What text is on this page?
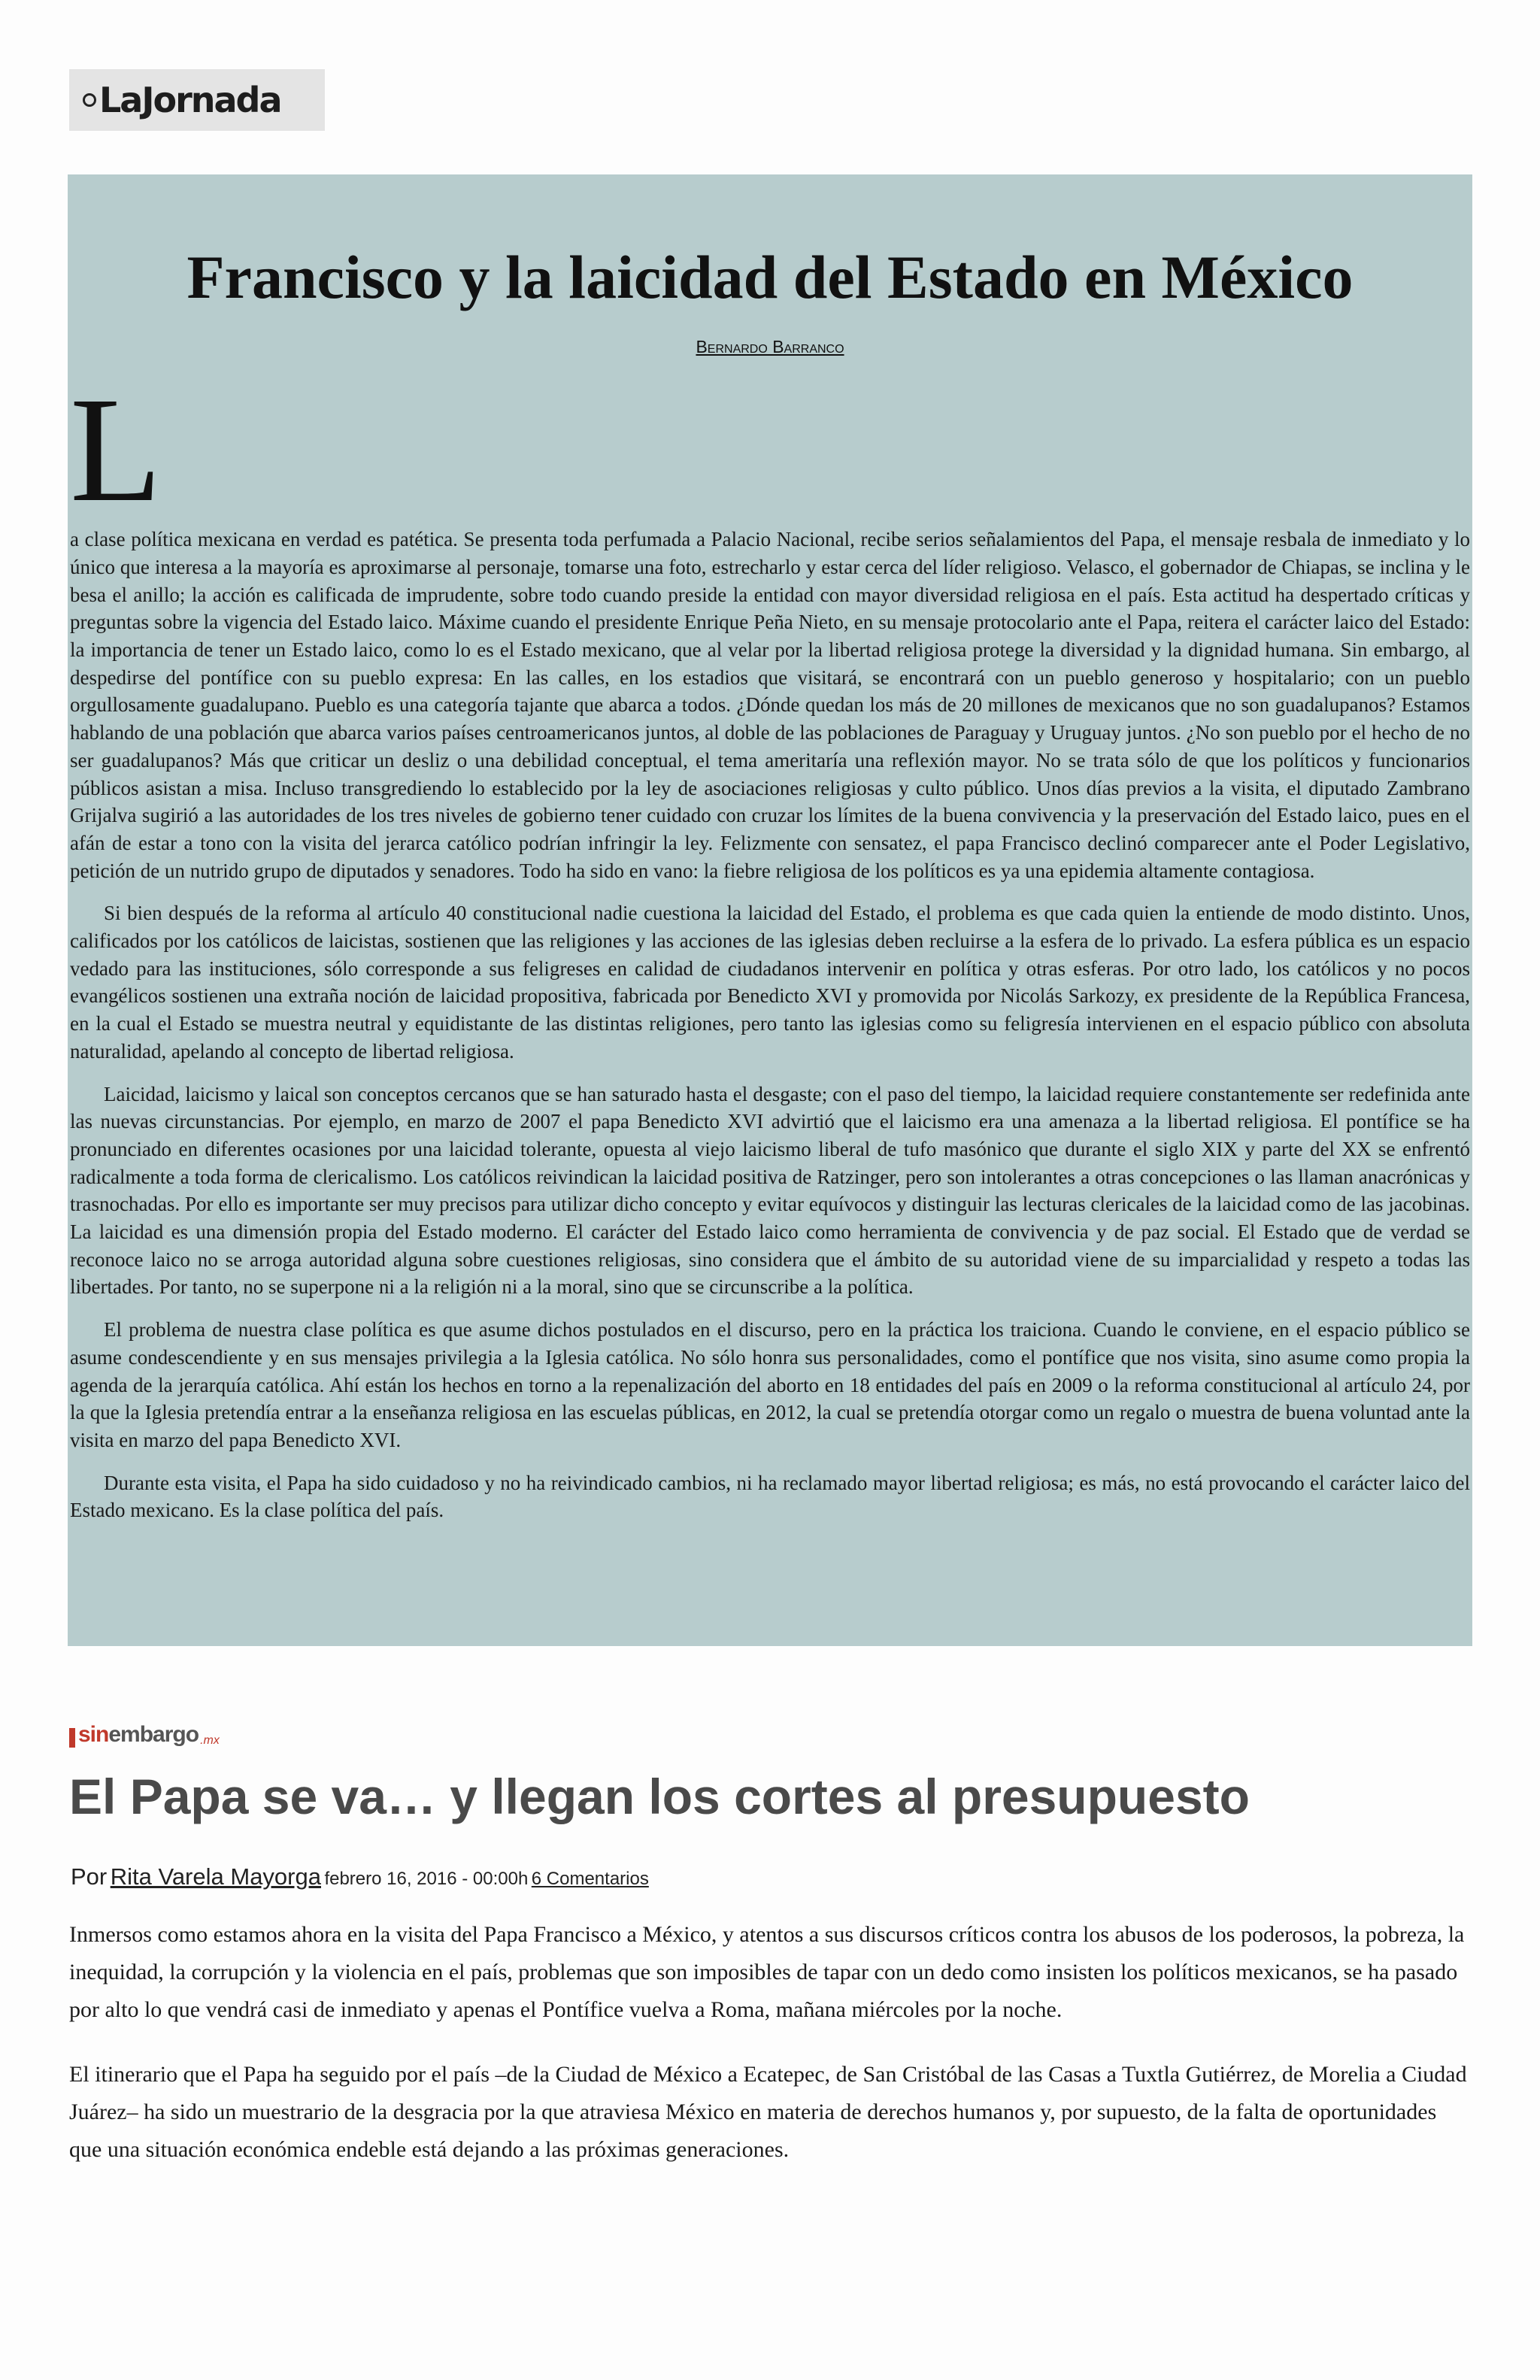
LaJornada
Francisco y la laicidad del Estado en México
Bernardo Barranco
L

a clase política mexicana en verdad es patética. Se presenta toda perfumada a Palacio Nacional, recibe serios señalamientos del Papa, el mensaje resbala de inmediato y lo único que interesa a la mayoría es aproximarse al personaje, tomarse una foto, estrecharlo y estar cerca del líder religioso. Velasco, el gobernador de Chiapas, se inclina y le besa el anillo; la acción es calificada de imprudente, sobre todo cuando preside la entidad con mayor diversidad religiosa en el país. Esta actitud ha despertado críticas y preguntas sobre la vigencia del Estado laico. Máxime cuando el presidente Enrique Peña Nieto, en su mensaje protocolario ante el Papa, reitera el carácter laico del Estado: la importancia de tener un Estado laico, como lo es el Estado mexicano, que al velar por la libertad religiosa protege la diversidad y la dignidad humana. Sin embargo, al despedirse del pontífice con su pueblo expresa: En las calles, en los estadios que visitará, se encontrará con un pueblo generoso y hospitalario; con un pueblo orgullosamente guadalupano. Pueblo es una categoría tajante que abarca a todos. ¿Dónde quedan los más de 20 millones de mexicanos que no son guadalupanos? Estamos hablando de una población que abarca varios países centroamericanos juntos, al doble de las poblaciones de Paraguay y Uruguay juntos. ¿No son pueblo por el hecho de no ser guadalupanos? Más que criticar un desliz o una debilidad conceptual, el tema ameritaría una reflexión mayor. No se trata sólo de que los políticos y funcionarios públicos asistan a misa. Incluso transgrediendo lo establecido por la ley de asociaciones religiosas y culto público. Unos días previos a la visita, el diputado Zambrano Grijalva sugirió a las autoridades de los tres niveles de gobierno tener cuidado con cruzar los límites de la buena convivencia y la preservación del Estado laico, pues en el afán de estar a tono con la visita del jerarca católico podrían infringir la ley. Felizmente con sensatez, el papa Francisco declinó comparecer ante el Poder Legislativo, petición de un nutrido grupo de diputados y senadores. Todo ha sido en vano: la fiebre religiosa de los políticos es ya una epidemia altamente contagiosa.

Si bien después de la reforma al artículo 40 constitucional nadie cuestiona la laicidad del Estado, el problema es que cada quien la entiende de modo distinto. Unos, calificados por los católicos de laicistas, sostienen que las religiones y las acciones de las iglesias deben recluirse a la esfera de lo privado. La esfera pública es un espacio vedado para las instituciones, sólo corresponde a sus feligreses en calidad de ciudadanos intervenir en política y otras esferas. Por otro lado, los católicos y no pocos evangélicos sostienen una extraña noción de laicidad propositiva, fabricada por Benedicto XVI y promovida por Nicolás Sarkozy, ex presidente de la República Francesa, en la cual el Estado se muestra neutral y equidistante de las distintas religiones, pero tanto las iglesias como su feligresía intervienen en el espacio público con absoluta naturalidad, apelando al concepto de libertad religiosa.

Laicidad, laicismo y laical son conceptos cercanos que se han saturado hasta el desgaste; con el paso del tiempo, la laicidad requiere constantemente ser redefinida ante las nuevas circunstancias. Por ejemplo, en marzo de 2007 el papa Benedicto XVI advirtió que el laicismo era una amenaza a la libertad religiosa. El pontífice se ha pronunciado en diferentes ocasiones por una laicidad tolerante, opuesta al viejo laicismo liberal de tufo masónico que durante el siglo XIX y parte del XX se enfrentó radicalmente a toda forma de clericalismo. Los católicos reivindican la laicidad positiva de Ratzinger, pero son intolerantes a otras concepciones o las llaman anacrónicas y trasnochadas. Por ello es importante ser muy precisos para utilizar dicho concepto y evitar equívocos y distinguir las lecturas clericales de la laicidad como de las jacobinas. La laicidad es una dimensión propia del Estado moderno. El carácter del Estado laico como herramienta de convivencia y de paz social. El Estado que de verdad se reconoce laico no se arroga autoridad alguna sobre cuestiones religiosas, sino considera que el ámbito de su autoridad viene de su imparcialidad y respeto a todas las libertades. Por tanto, no se superpone ni a la religión ni a la moral, sino que se circunscribe a la política.

El problema de nuestra clase política es que asume dichos postulados en el discurso, pero en la práctica los traiciona. Cuando le conviene, en el espacio público se asume condescendiente y en sus mensajes privilegia a la Iglesia católica. No sólo honra sus personalidades, como el pontífice que nos visita, sino asume como propia la agenda de la jerarquía católica. Ahí están los hechos en torno a la repenalización del aborto en 18 entidades del país en 2009 o la reforma constitucional al artículo 24, por la que la Iglesia pretendía entrar a la enseñanza religiosa en las escuelas públicas, en 2012, la cual se pretendía otorgar como un regalo o muestra de buena voluntad ante la visita en marzo del papa Benedicto XVI.

Durante esta visita, el Papa ha sido cuidadoso y no ha reivindicado cambios, ni ha reclamado mayor libertad religiosa; es más, no está provocando el carácter laico del Estado mexicano. Es la clase política del país.

sin embargo .mx
El Papa se va… y llegan los cortes al presupuesto
Por Rita Varela Mayorga febrero 16, 2016 - 00:00h 6 Comentarios

Inmersos como estamos ahora en la visita del Papa Francisco a México, y atentos a sus discursos críticos contra los abusos de los poderosos, la pobreza, la inequidad, la corrupción y la violencia en el país, problemas que son imposibles de tapar con un dedo como insisten los políticos mexicanos, se ha pasado por alto lo que vendrá casi de inmediato y apenas el Pontífice vuelva a Roma, mañana miércoles por la noche.

El itinerario que el Papa ha seguido por el país –de la Ciudad de México a Ecatepec, de San Cristóbal de las Casas a Tuxtla Gutiérrez, de Morelia a Ciudad Juárez– ha sido un muestrario de la desgracia por la que atraviesa México en materia de derechos humanos y, por supuesto, de la falta de oportunidades que una situación económica endeble está dejando a las próximas generaciones.
